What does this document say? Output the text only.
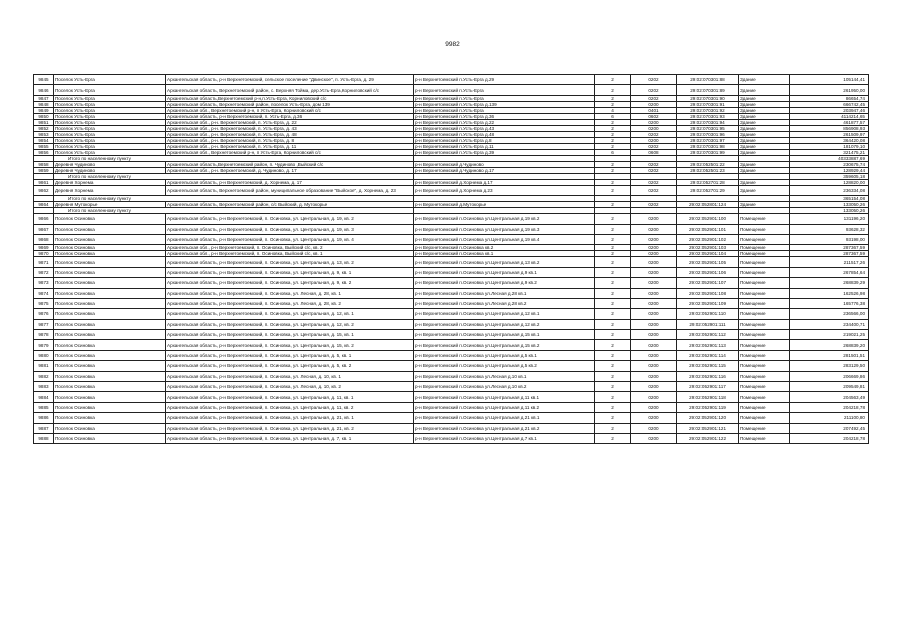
9982
9845	Поселок Усть-Ерга	Архангельская область, р-н Верхнетоемский, сельское поселение "Двинское", п. Усть-Ерга, д. 29	р-н Верхнетоемский п.Усть-Ерга д.29	2	0202	29:02:070301:88	Здание	105144,41
9846	Поселок Усть-Ерга	Архангельская область, Верхнетоемский район, с. Верхняя Тойма, дер.Усть-Ерга,Корниловский с/с	р-н Верхнетоемский п.Усть-Ерга	2	0202	29:02:070301:89	Здание	261950,00
9847	Поселок Усть-Ерга	Архангельская область,Верхнетоемский р-н,п.Усть-Ерга, Корниловский с/с	р-н Верхнетоемский п.Усть-Ерга	2	0202	29:02:070301:90	Здание	86654,74
9848	Поселок Усть-Ерга	Архангельская область, Верхнетоемский район, поселок Усть-Ерга, дом 139	р-н Верхнетоемский п.Усть-Ерга д.139	2	0200	29:02:070301:91	Здание	666742,45
9849	Поселок Усть-Ерга	Архангельская обл., Верхнетоемский р-н, п Усть-Ерга, Корниловский с/с	р-н Верхнетоемский п.Усть-Ерга	4	0401	29:02:070301:92	Здание	203947,46
9850	Поселок Усть-Ерга	Архангельская область, р-н Верхнетоемский, п. Усть-Ерга, д.36	р-н Верхнетоемский п.Усть-Ерга д.36	6	0602	29:02:070301:93	Здание	4114214,65
9851	Поселок Усть-Ерга	Архангельская обл., р-н. Верхнетоемский, п. Усть-Ерга, д. 22	р-н Верхнетоемский п.Усть-Ерга д.22	2	0200	29:02:070301:94	Здание	461877,57
9852	Поселок Усть-Ерга	Архангельская обл., р-н. Верхнетоемский, п. Усть-Ерга, д. 43	р-н Верхнетоемский п.Усть-Ерга д.43	2	0200	29:02:070301:95	Здание	856908,93
9853	Поселок Усть-Ерга	Архангельская обл., р-н. Верхнетоемский, п. Усть-Ерга, д. 48	р-н Верхнетоемский п.Усть-Ерга д.48	2	0202	29:02:070301:96	Здание	261509,97
9854	Поселок Усть-Ерга	Архангельская обл., р-н. Верхнетоемский, п. Усть-Ерга, д. 8	р-н Верхнетоемский п.Усть-Ерга д.8	2	0200	29:02:070301:97	Здание	364420,08
9855	Поселок Усть-Ерга	Архангельская обл., р-н. Верхнетоемский, п. Усть-Ерга, д. 11	р-н Верхнетоемский п.Усть-Ерга д.11	2	0202	29:02:070301:98	Здание	181079,10
9856	Поселок Усть-Ерга	Архангельская обл., Верхнетоемский р-н, п Усть-Ерга, Корниловский с/с	р-н Верхнетоемский п.Усть-Ерга д.39	6	0608	29:02:070301:99	Здание	321475,21
	Итого по населенному пункту							40333887,69
9858	Деревня Чудиново	Архангельская область,Верхнетоемский район, п. Чудиново ,Выйский с/с	р-н Верхнетоемский д.Чудиново	2	0202	29:02:052501:22	Здание	230675,74
9859	Деревня Чудиново	Архангельская обл., р-н. Верхнетоемский, д. Чудиново, д. 17	р-н Верхнетоемский д.Чудиново д.17	2	0202	29:02:052501:23	Здание	128929,44
	Итого по населенному пункту							359605,18
9861	Деревня Хорнема	Архангельская область, р-н Верхнетоемский, д. Хорнема, д. 17	р-н Верхнетоемский д.Хорнема д.17	2	0202	29:02:052701:28	Здание	128820,00
9862	Деревня Хорнема	Архангельская область, Верхнетоемский район, муниципальное образование "Выйское", д. Хорнема, д. 23	р-н Верхнетоемский д.Хорнема д.23	2	0202	29:02:052701:29	Здание	236334,08
	Итого по населенному пункту							365154,08
9864	Деревня Мутокорье	Архангельская область, Верхнетоемский район, с/с Выйский, д. Мутокорье	р-н Верхнетоемский д.Мутокорье	2	0202	29:02:052801:124	Здание	133050,26
	Итого по населенному пункту							133050,26
9866	Поселок Осиновка	Архангельская область, р-н Верхнетоемский, п. Осиновка, ул. Центральная, д. 19, кв. 2	р-н Верхнетоемский п.Осиновка ул.Центральная д.19 кв.2	2	0200	29:02:052901:100	Помещение	131196,20
9867	Поселок Осиновка	Архангельская область, р-н Верхнетоемский, п. Осиновка, ул. Центральная, д. 19, кв. 3	р-н Верхнетоемский п.Осиновка ул.Центральная д.19 кв.3	2	0200	29:02:052901:101	Помещение	93628,32
9868	Поселок Осиновка	Архангельская область, р-н Верхнетоемский, п. Осиновка, ул. Центральная, д. 19, кв. 4	р-н Верхнетоемский п.Осиновка ул.Центральная д.19 кв.4	2	0200	29:02:052901:102	Помещение	93198,00
9869	Поселок Осиновка	Архангельская обл., р-н Верхнетоемский, п. Осиновка, Выйский с/с, кв. 2	р-н Верхнетоемский п.Осиновка кв.2	2	0200	29:02:052901:103	Помещение	287367,59
9870	Поселок Осиновка	Архангельская обл., р-н Верхнетоемский, п. Осиновка, Выйский с/с, кв. 1	р-н Верхнетоемский п.Осиновка кв.1	2	0200	29:02:052901:104	Помещение	287367,59
9871	Поселок Осиновка	Архангельская область, р-н Верхнетоемский, п. Осиновка, ул. Центральная, д. 13, кв. 2	р-н Верхнетоемский п.Осиновка ул.Центральная д.13 кв.2	2	0200	29:02:052901:105	Помещение	211517,26
9872	Поселок Осиновка	Архангельская область, р-н Верхнетоемский, п. Осиновка, ул. Центральная, д. 9, кв. 1	р-н Верхнетоемский п.Осиновка ул.Центральная д.9 кв.1	2	0200	29:02:052901:106	Помещение	267854,64
9873	Поселок Осиновка	Архангельская область, р-н Верхнетоемский, п. Осиновка, ул. Центральная, д. 9, кв. 2	р-н Верхнетоемский п.Осиновка ул.Центральная д.9 кв.2	2	0200	29:02:052901:107	Помещение	268839,29
9874	Поселок Осиновка	Архангельская область, р-н Верхнетоемский, п. Осиновка, ул. Лесная, д. 28, кв. 1	р-н Верхнетоемский п.Осиновка ул.Лесная д.28 кв.1	2	0200	29:02:052901:108	Помещение	162526,98
9875	Поселок Осиновка	Архангельская область, р-н Верхнетоемский, п. Осиновка, ул. Лесная, д. 28, кв. 2	р-н Верхнетоемский п.Осиновка ул.Лесная д.28 кв.2	2	0200	29:02:052901:109	Помещение	165776,38
9876	Поселок Осиновка	Архангельская область, р-н Верхнетоемский, п. Осиновка, ул. Центральная, д. 12, кв. 1	р-н Верхнетоемский п.Осиновка ул.Центральная д.12 кв.1	2	0200	29:02:052901:110	Помещение	236566,00
9877	Поселок Осиновка	Архангельская область, р-н Верхнетоемский, п. Осиновка, ул. Центральная, д. 12, кв. 2	р-н Верхнетоемский п.Осиновка ул.Центральная д.12 кв.2	2	0200	29:02:052901:111	Помещение	234400,71
9878	Поселок Осиновка	Архангельская область, р-н Верхнетоемский, п. Осиновка, ул. Центральная, д. 15, кв. 1	р-н Верхнетоемский п.Осиновка ул.Центральная д.15 кв.1	2	0200	29:02:052901:112	Помещение	219021,25
9879	Поселок Осиновка	Архангельская область, р-н Верхнетоемский, п. Осиновка, ул. Центральная, д. 15, кв. 2	р-н Верхнетоемский п.Осиновка ул.Центральная д.15 кв.2	2	0200	29:02:052901:113	Помещение	268839,20
9880	Поселок Осиновка	Архангельская область, р-н Верхнетоемский, п. Осиновка, ул. Центральная, д. 5, кв. 1	р-н Верхнетоемский п.Осиновка ул.Центральная д.5 кв.1	2	0200	29:02:052901:114	Помещение	281501,51
9881	Поселок Осиновка	Архангельская область, р-н Верхнетоемский, п. Осиновка, ул. Центральная, д. 5, кв. 2	р-н Верхнетоемский п.Осиновка ул.Центральная д.5 кв.2	2	0200	29:02:052901:115	Помещение	283129,50
9882	Поселок Осиновка	Архангельская область, р-н Верхнетоемский, п. Осиновка, ул. Лесная, д. 10, кв. 1	р-н Верхнетоемский п.Осиновка ул.Лесная д.10 кв.1	2	0200	29:02:052901:116	Помещение	206669,86
9883	Поселок Осиновка	Архангельская область, р-н Верхнетоемский, п. Осиновка, ул. Лесная, д. 10, кв. 2	р-н Верхнетоемский п.Осиновка ул.Лесная д.10 кв.2	2	0200	29:02:052901:117	Помещение	209549,81
9884	Поселок Осиновка	Архангельская область, р-н Верхнетоемский, п. Осиновка, ул. Центральная, д. 11, кв. 1	р-н Верхнетоемский п.Осиновка ул.Центральная д.11 кв.1	2	0200	29:02:052901:118	Помещение	204563,49
9885	Поселок Осиновка	Архангельская область, р-н Верхнетоемский, п. Осиновка, ул. Центральная, д. 11, кв. 2	р-н Верхнетоемский п.Осиновка ул.Центральная д.11 кв.2	2	0200	29:02:052901:119	Помещение	204218,78
9886	Поселок Осиновка	Архангельская область, р-н Верхнетоемский, п. Осиновка, ул. Центральная, д. 21, кв. 1	р-н Верхнетоемский п.Осиновка ул.Центральная д.21 кв.1	2	0200	29:02:052901:120	Помещение	211100,80
9887	Поселок Осиновка	Архангельская область, р-н Верхнетоемский, п. Осиновка, ул. Центральная, д. 21, кв. 2	р-н Верхнетоемский п.Осиновка ул.Центральная д.21 кв.2	2	0200	29:02:052901:121	Помещение	207492,45
9888	Поселок Осиновка	Архангельская область, р-н Верхнетоемский, п. Осиновка, ул. Центральная, д. 7, кв. 1	р-н Верхнетоемский п.Осиновка ул.Центральная д.7 кв.1	2	0200	29:02:052901:122	Помещение	204218,78
